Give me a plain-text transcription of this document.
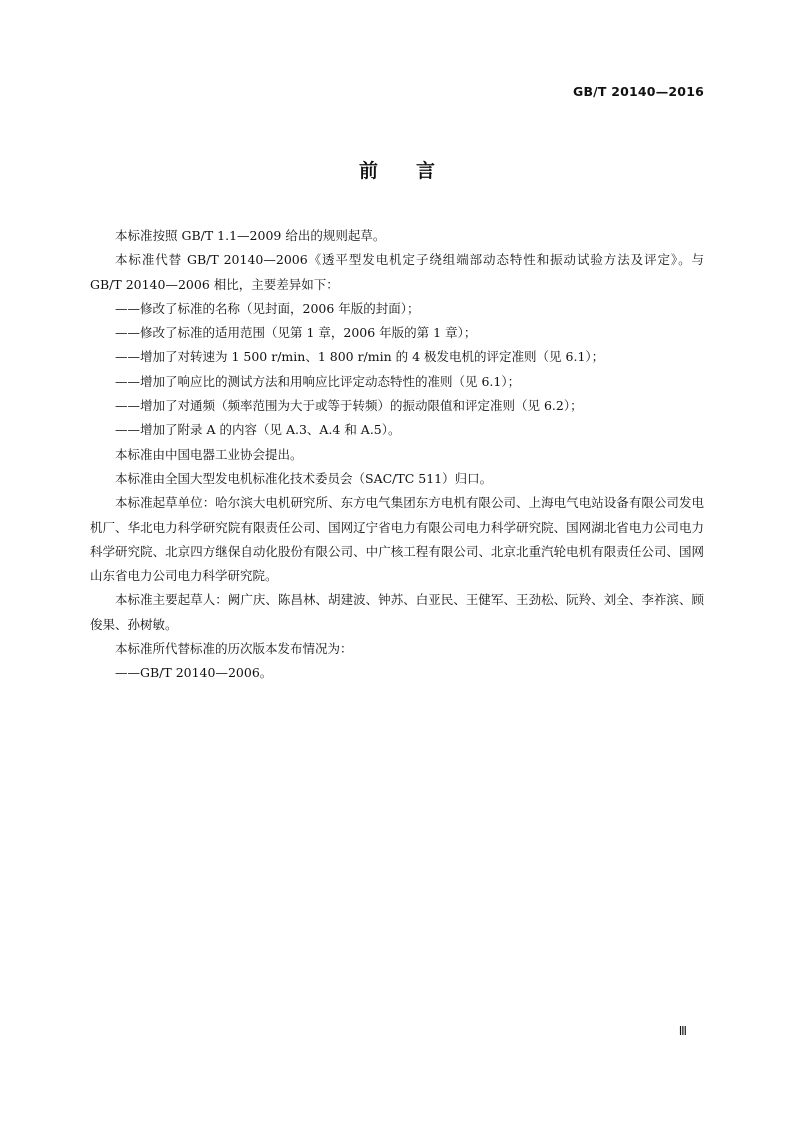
GB/T 20140—2016
前言

本标准按照 GB/T 1.1—2009 给出的规则起草。

本标准代替 GB/T 20140—2006《透平型发电机定子绕组端部动态特性和振动试验方法及评定》。与 GB/T 20140—2006 相比，主要差异如下：

——修改了标准的名称（见封面，2006 年版的封面）；

——修改了标准的适用范围（见第 1 章，2006 年版的第 1 章）；

——增加了对转速为 1 500 r/min、1 800 r/min 的 4 极发电机的评定准则（见 6.1）；

——增加了响应比的测试方法和用响应比评定动态特性的准则（见 6.1）；

——增加了对通频（频率范围为大于或等于转频）的振动限值和评定准则（见 6.2）；

——增加了附录 A 的内容（见 A.3、A.4 和 A.5）。

本标准由中国电器工业协会提出。

本标准由全国大型发电机标准化技术委员会（SAC/TC 511）归口。

本标准起草单位：哈尔滨大电机研究所、东方电气集团东方电机有限公司、上海电气电站设备有限公司发电机厂、华北电力科学研究院有限责任公司、国网辽宁省电力有限公司电力科学研究院、国网湖北省电力公司电力科学研究院、北京四方继保自动化股份有限公司、中广核工程有限公司、北京北重汽轮电机有限责任公司、国网山东省电力公司电力科学研究院。

本标准主要起草人：阙广庆、陈昌林、胡建波、钟苏、白亚民、王健军、王劲松、阮羚、刘全、李祚滨、顾俊果、孙树敏。

本标准所代替标准的历次版本发布情况为：

——GB/T 20140—2006。

Ⅲ
